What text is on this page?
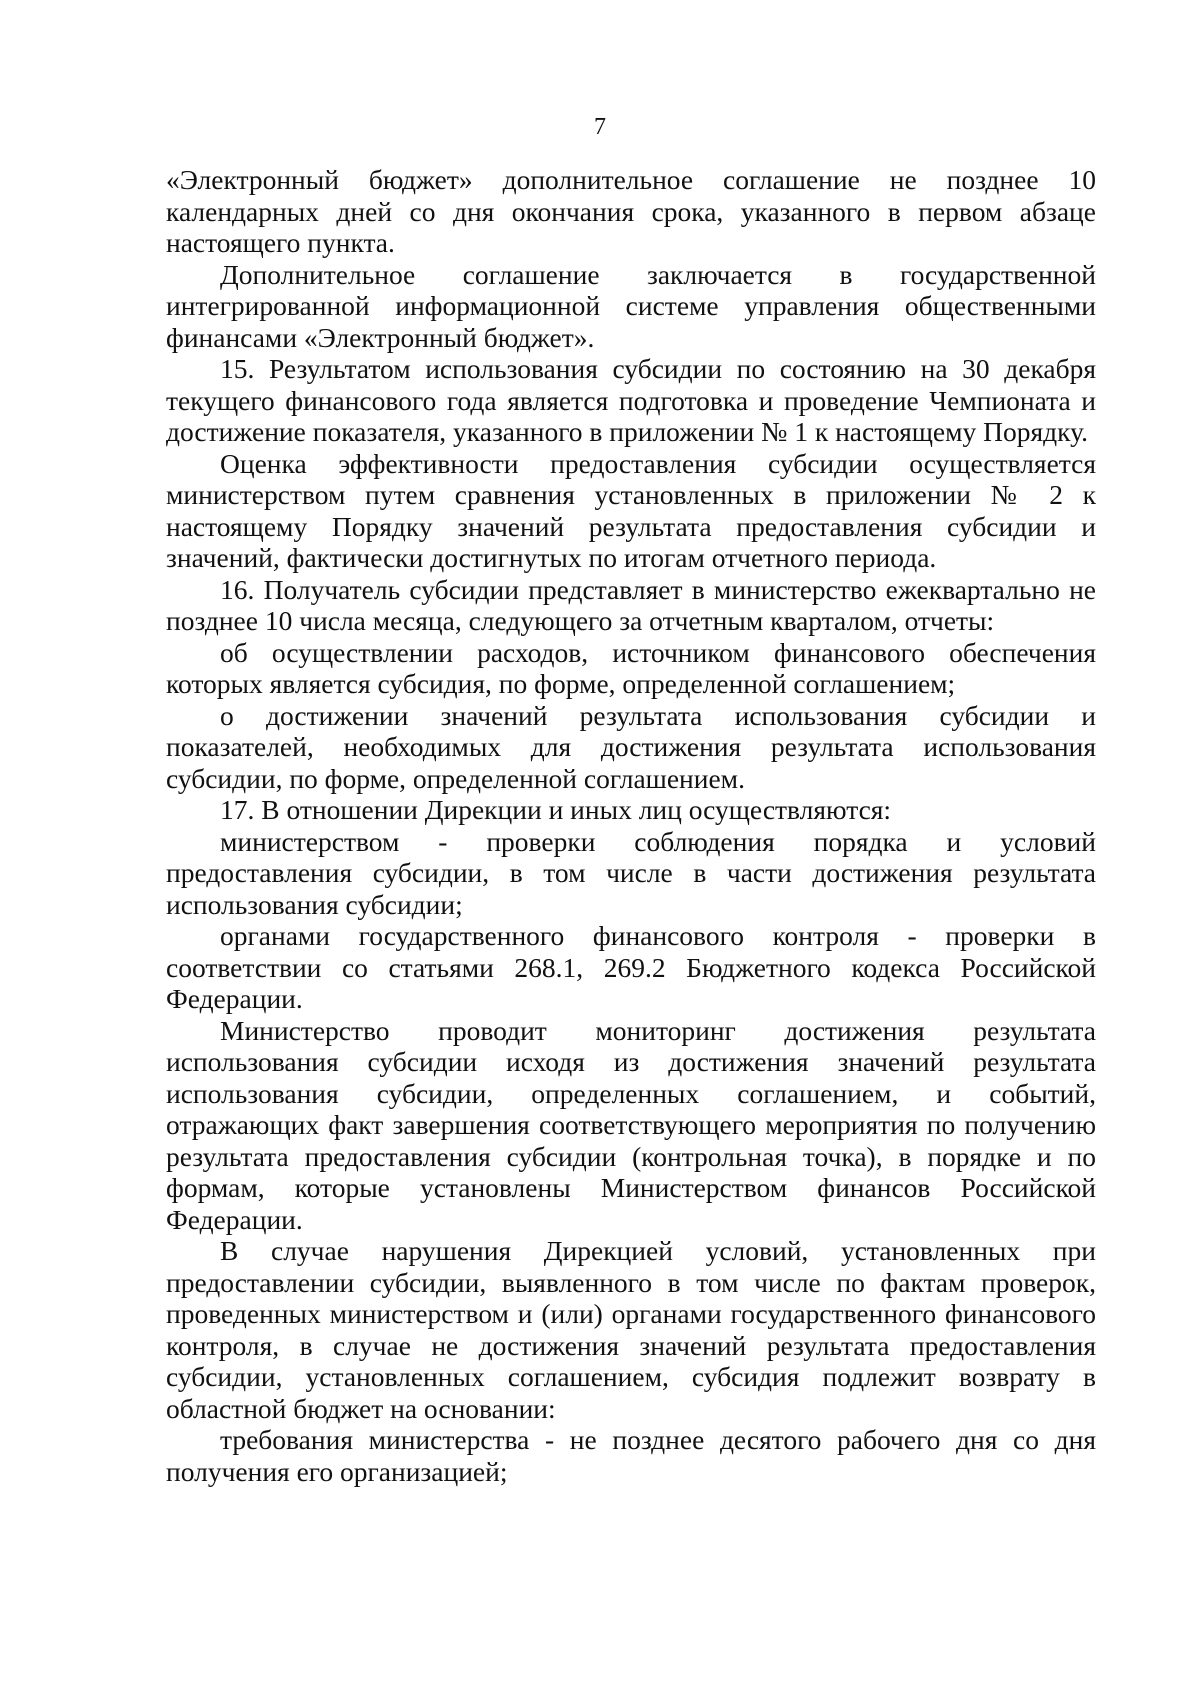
7

«Электронный бюджет» дополнительное соглашение не позднее 10 календарных дней со дня окончания срока, указанного в первом абзаце настоящего пункта.

Дополнительное соглашение заключается в государственной интегрированной информационной системе управления общественными финансами «Электронный бюджет».

15. Результатом использования субсидии по состоянию на 30 декабря текущего финансового года является подготовка и проведение Чемпионата и достижение показателя, указанного в приложении № 1 к настоящему Порядку.

Оценка эффективности предоставления субсидии осуществляется министерством путем сравнения установленных в приложении № 2 к настоящему Порядку значений результата предоставления субсидии и значений, фактически достигнутых по итогам отчетного периода.

16. Получатель субсидии представляет в министерство ежеквартально не позднее 10 числа месяца, следующего за отчетным кварталом, отчеты:

об осуществлении расходов, источником финансового обеспечения которых является субсидия, по форме, определенной соглашением;

о достижении значений результата использования субсидии и показателей, необходимых для достижения результата использования субсидии, по форме, определенной соглашением.

17. В отношении Дирекции и иных лиц осуществляются:

министерством - проверки соблюдения порядка и условий предоставления субсидии, в том числе в части достижения результата использования субсидии;

органами государственного финансового контроля - проверки в соответствии со статьями 268.1, 269.2 Бюджетного кодекса Российской Федерации.

Министерство проводит мониторинг достижения результата использования субсидии исходя из достижения значений результата использования субсидии, определенных соглашением, и событий, отражающих факт завершения соответствующего мероприятия по получению результата предоставления субсидии (контрольная точка), в порядке и по формам, которые установлены Министерством финансов Российской Федерации.

В случае нарушения Дирекцией условий, установленных при предоставлении субсидии, выявленного в том числе по фактам проверок, проведенных министерством и (или) органами государственного финансового контроля, в случае не достижения значений результата предоставления субсидии, установленных соглашением, субсидия подлежит возврату в областной бюджет на основании:

требования министерства - не позднее десятого рабочего дня со дня получения его организацией;
